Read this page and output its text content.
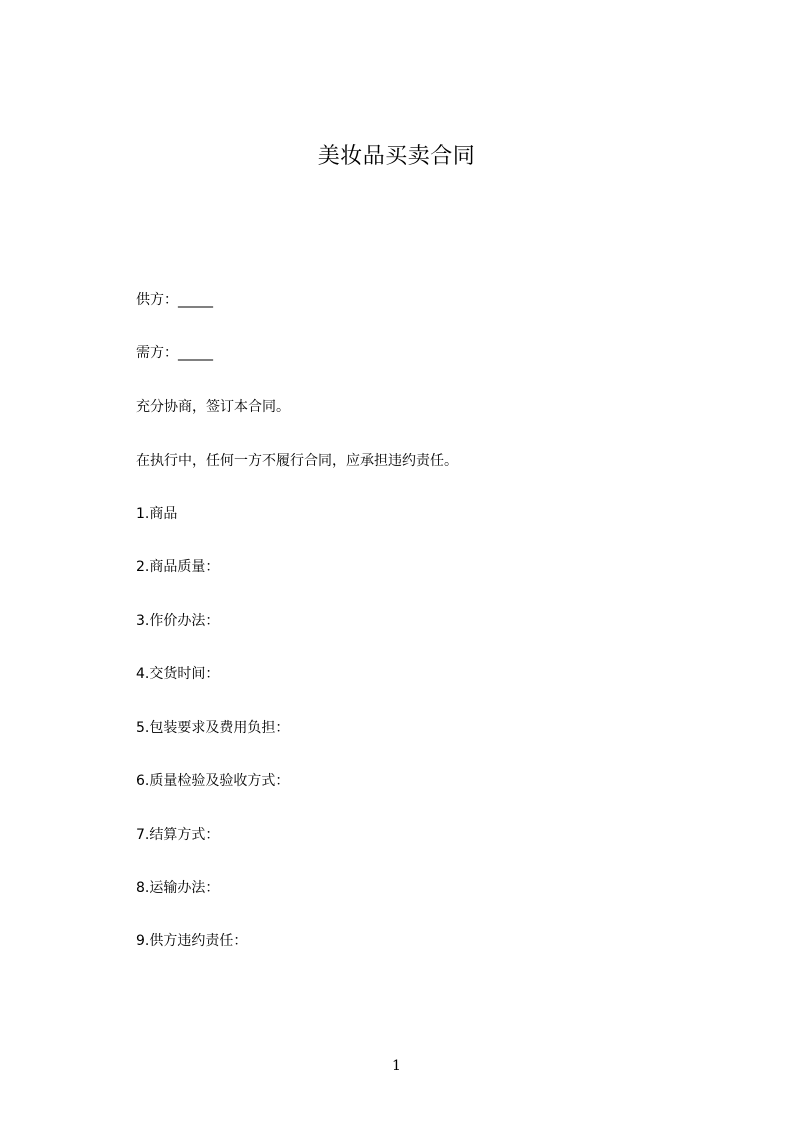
美妆品买卖合同
供方：_____
需方：_____
充分协商，签订本合同。
在执行中，任何一方不履行合同，应承担违约责任。
1.商品
2.商品质量：
3.作价办法：
4.交货时间：
5.包装要求及费用负担：
6.质量检验及验收方式：
7.结算方式：
8.运输办法：
9.供方违约责任：
1
